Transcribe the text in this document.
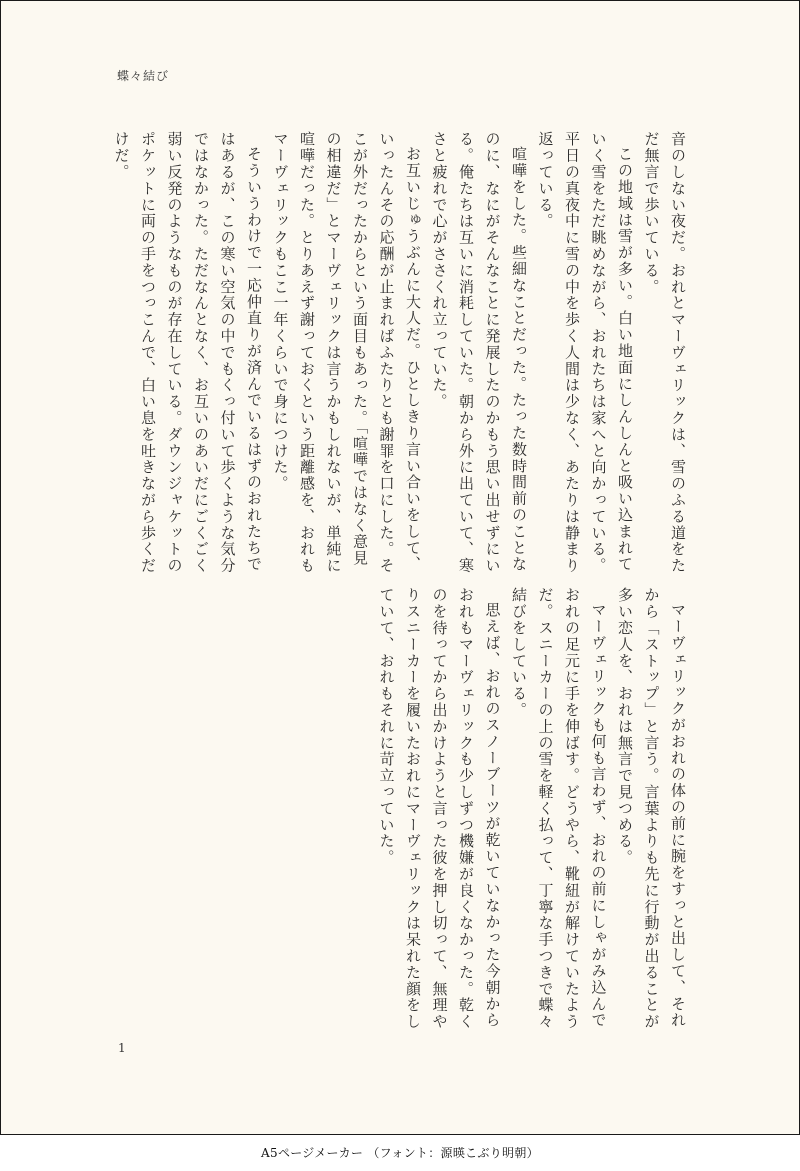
蝶々結び

音のしない夜だ。おれとマーヴェリックは、雪のふる道をただ無言で歩いている。

この地域は雪が多い。白い地面にしんしんと吸い込まれていく雪をただ眺めながら、おれたちは家へと向かっている。平日の真夜中に雪の中を歩く人間は少なく、あたりは静まり返っている。

喧嘩をした。些細なことだった。たった数時間前のことなのに、なにがそんなことに発展したのかもう思い出せずにいる。俺たちは互いに消耗していた。朝から外に出ていて、寒さと疲れで心がささくれ立っていた。

お互いじゅうぶんに大人だ。ひとしきり言い合いをして、いったんその応酬が止まればふたりとも謝罪を口にした。そこが外だったからという面目もあった。「喧嘩ではなく意見の相違だ」とマーヴェリックは言うかもしれないが、単純に喧嘩だった。とりあえず謝っておくという距離感を、おれもマーヴェリックもここ一年くらいで身につけた。

そういうわけで一応仲直りが済んでいるはずのおれたちではあるが、この寒い空気の中でもくっ付いて歩くような気分ではなかった。ただなんとなく、お互いのあいだにごくごく弱い反発のようなものが存在している。ダウンジャケットのポケットに両の手をつっこんで、白い息を吐きながら歩くだけだ。

マーヴェリックがおれの体の前に腕をすっと出して、それから「ストップ」と言う。言葉よりも先に行動が出ることが多い恋人を、おれは無言で見つめる。

マーヴェリックも何も言わず、おれの前にしゃがみ込んでおれの足元に手を伸ばす。どうやら、靴紐が解けていたようだ。スニーカーの上の雪を軽く払って、丁寧な手つきで蝶々結びをしている。

思えば、おれのスノーブーツが乾いていなかった今朝からおれもマーヴェリックも少しずつ機嫌が良くなかった。乾くのを待ってから出かけようと言った彼を押し切って、無理やりスニーカーを履いたおれにマーヴェリックは呆れた顔をしていて、おれもそれに苛立っていた。

1
A5ページメーカー （フォント：源暎こぶり明朝）
